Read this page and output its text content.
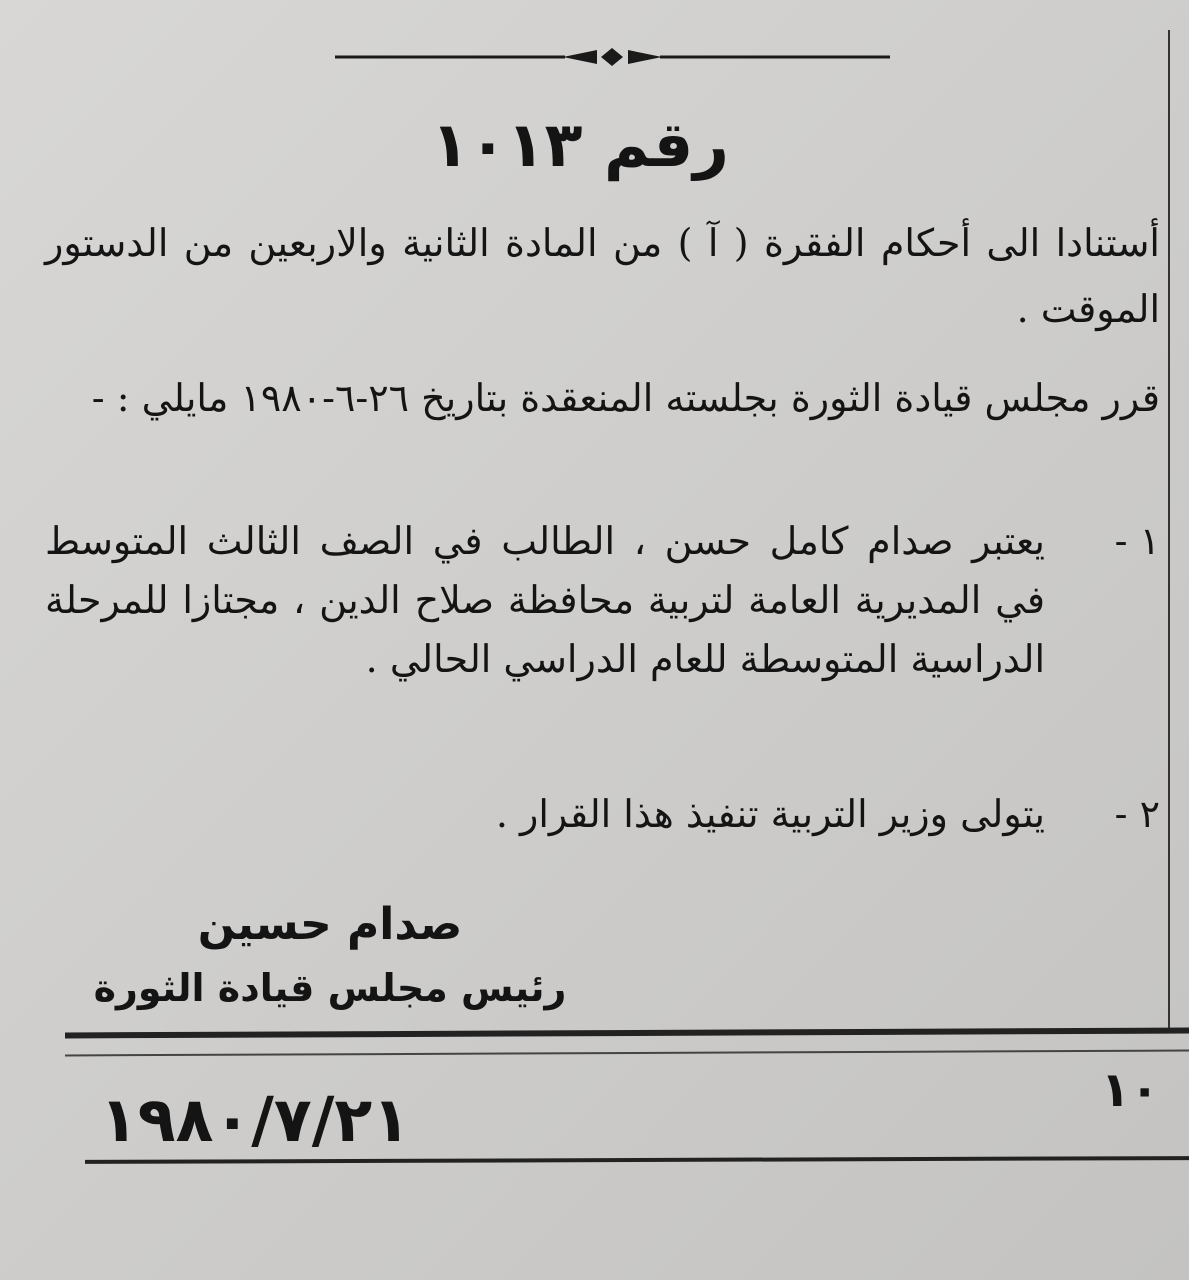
رقم ١٠١٣
أستنادا الى أحكام الفقرة ( آ ) من المادة الثانية والاربعين من الدستور الموقت .
قرر مجلس قيادة الثورة بجلسته المنعقدة بتاريخ ٢٦-٦-١٩٨٠ مايلي : -
١ -
يعتبر صدام كامل حسن ، الطالب في الصف الثالث المتوسط في المديرية العامة لتربية محافظة صلاح الدين ، مجتازا للمرحلة الدراسية المتوسطة للعام الدراسي الحالي .
٢ -
يتولى وزير التربية تنفيذ هذا القرار .
صدام حسين
رئيس مجلس قيادة الثورة
١٠
١٩٨٠/٧/٢١
